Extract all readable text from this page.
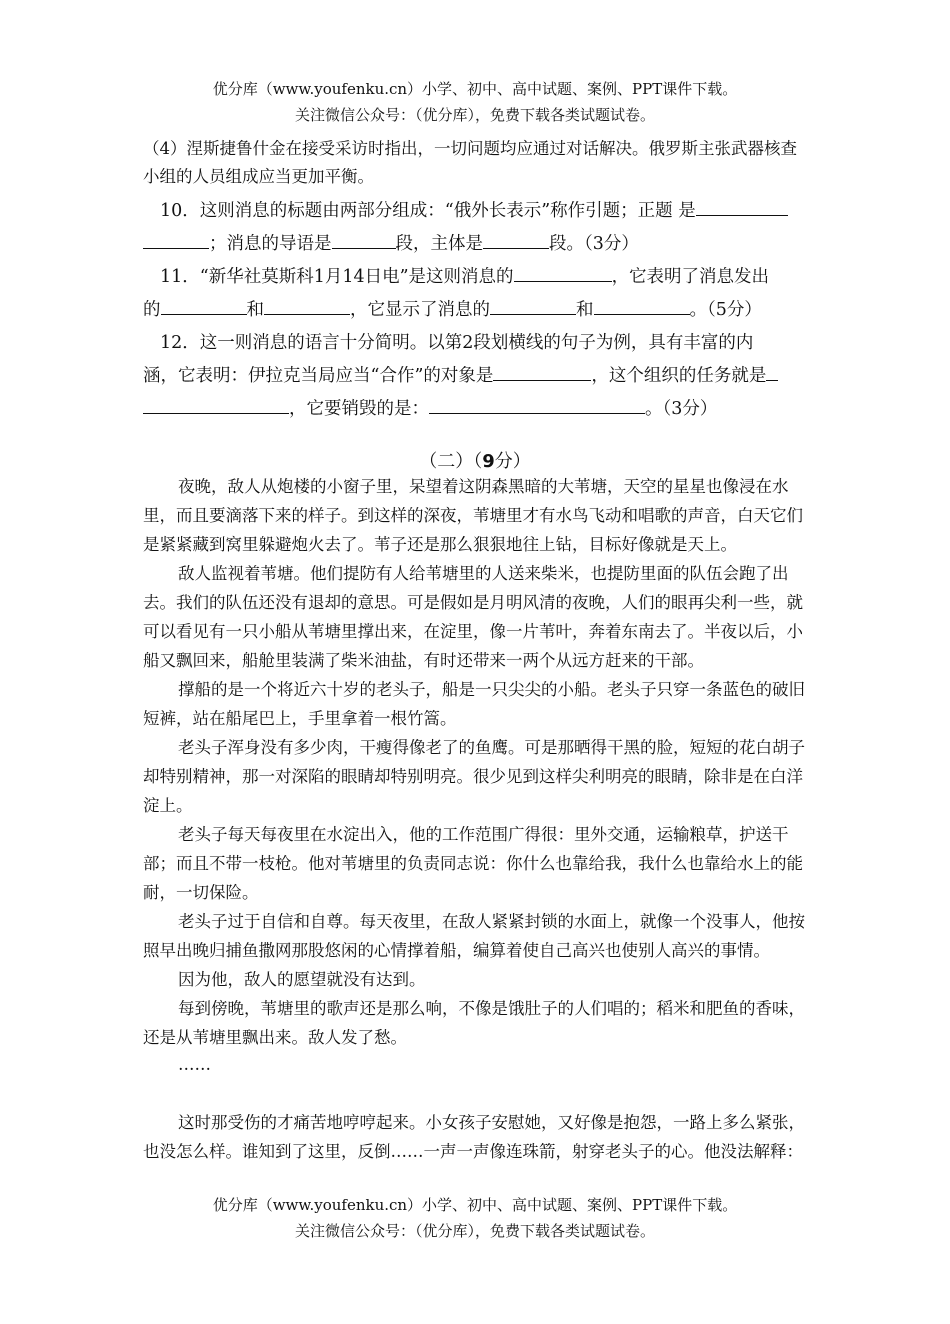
优分库（www.youfenku.cn）小学、初中、高中试题、案例、PPT课件下载。
关注微信公众号：（优分库），免费下载各类试题试卷。
（4）涅斯捷鲁什金在接受采访时指出，一切问题均应通过对话解决。俄罗斯主张武器核查
小组的人员组成应当更加平衡。
10．这则消息的标题由两部分组成：“俄外长表示”称作引题；正题 是
；消息的导语是	段，主体是	段。（3分）
11．“新华社莫斯科1月14日电”是这则消息的	，它表明了消息发出
的	和	，它显示了消息的	和	。（5分）
12．这一则消息的语言十分简明。以第2段划横线的句子为例，具有丰富的内
涵，它表明：伊拉克当局应当“合作”的对象是	，这个组织的任务就是
，它要销毁的是：	。（3分）
（二）（9分）
夜晚，敌人从炮楼的小窗子里，呆望着这阴森黑暗的大苇塘，天空的星星也像浸在水
里，而且要滴落下来的样子。到这样的深夜，苇塘里才有水鸟飞动和唱歌的声音，白天它们
是紧紧藏到窝里躲避炮火去了。苇子还是那么狠狠地往上钻，目标好像就是天上。
敌人监视着苇塘。他们提防有人给苇塘里的人送来柴米，也提防里面的队伍会跑了出
去。我们的队伍还没有退却的意思。可是假如是月明风清的夜晚，人们的眼再尖利一些，就
可以看见有一只小船从苇塘里撑出来，在淀里，像一片苇叶，奔着东南去了。半夜以后，小
船又飘回来，船舱里装满了柴米油盐，有时还带来一两个从远方赶来的干部。
撑船的是一个将近六十岁的老头子，船是一只尖尖的小船。老头子只穿一条蓝色的破旧
短裤，站在船尾巴上，手里拿着一根竹篙。
老头子浑身没有多少肉，干瘦得像老了的鱼鹰。可是那晒得干黑的脸，短短的花白胡子
却特别精神，那一对深陷的眼睛却特别明亮。很少见到这样尖利明亮的眼睛，除非是在白洋
淀上。
老头子每天每夜里在水淀出入，他的工作范围广得很：里外交通，运输粮草，护送干
部；而且不带一枝枪。他对苇塘里的负责同志说：你什么也靠给我，我什么也靠给水上的能
耐，一切保险。
老头子过于自信和自尊。每天夜里，在敌人紧紧封锁的水面上，就像一个没事人，他按
照早出晚归捕鱼撒网那股悠闲的心情撑着船，编算着使自己高兴也使别人高兴的事情。
因为他，敌人的愿望就没有达到。
每到傍晚，苇塘里的歌声还是那么响，不像是饿肚子的人们唱的；稻米和肥鱼的香味，
还是从苇塘里飘出来。敌人发了愁。
……
这时那受伤的才痛苦地哼哼起来。小女孩子安慰她，又好像是抱怨，一路上多么紧张，
也没怎么样。谁知到了这里，反倒……一声一声像连珠箭，射穿老头子的心。他没法解释：
优分库（www.youfenku.cn）小学、初中、高中试题、案例、PPT课件下载。
关注微信公众号：（优分库），免费下载各类试题试卷。
